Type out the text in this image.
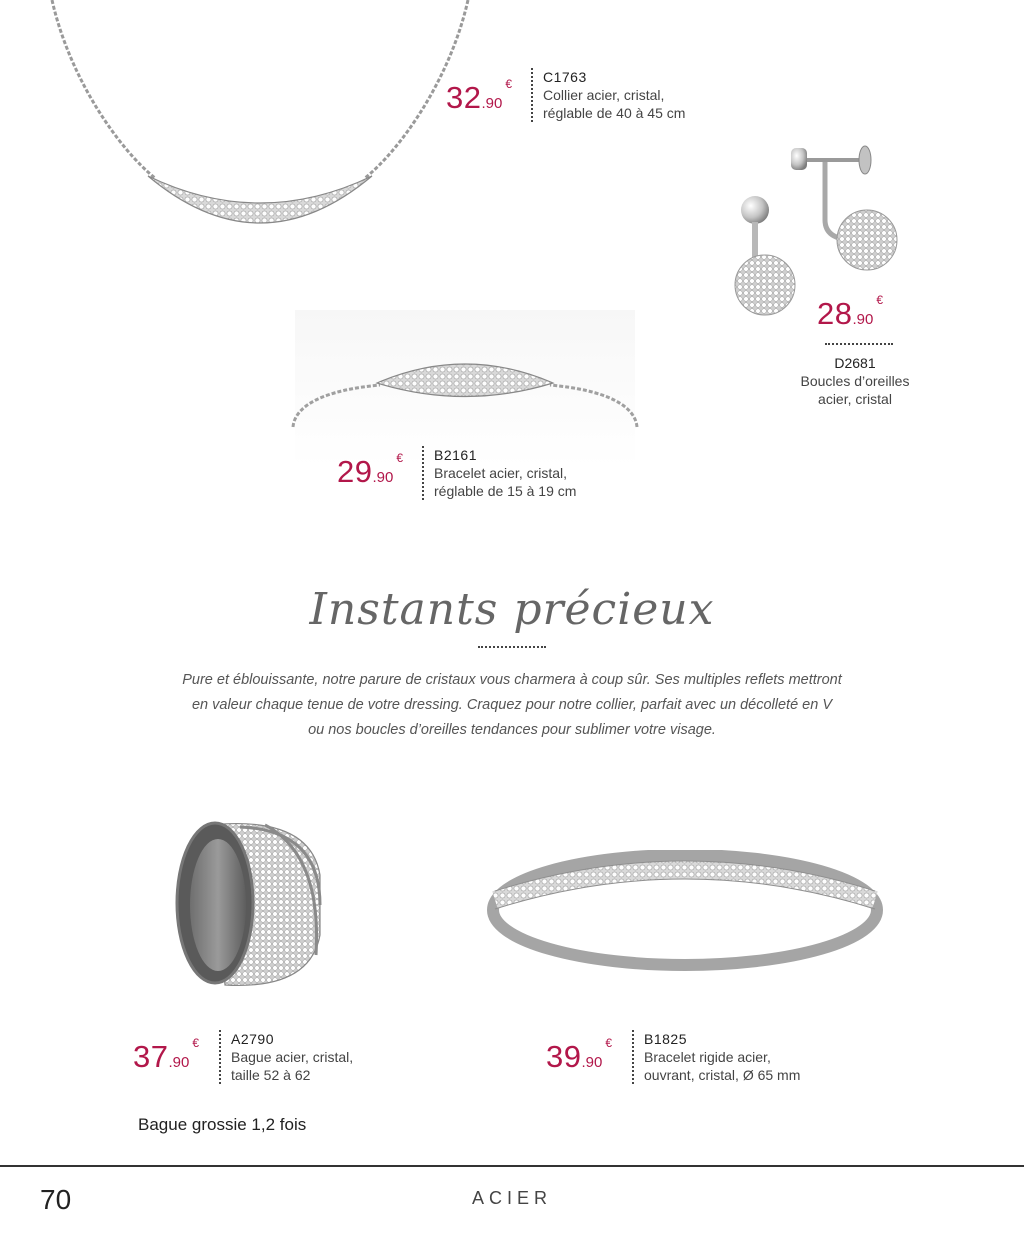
32.90€ C1763
Collier acier, cristal,
réglable de 40 à 45 cm
28.90€
D2681
Boucles d’oreilles
acier, cristal
29.90€ B2161
Bracelet acier, cristal,
réglable de 15 à 19 cm
Instants précieux
Pure et éblouissante, notre parure de cristaux vous charmera à coup sûr. Ses multiples reflets mettront
en valeur chaque tenue de votre dressing. Craquez pour notre collier, parfait avec un décolleté en V
ou nos boucles d’oreilles tendances pour sublimer votre visage.
37.90€ A2790
Bague acier, cristal,
taille 52 à 62
39.90€ B1825
Bracelet rigide acier,
ouvrant, cristal, Ø 65 mm
Bague grossie 1,2 fois
70	ACIER
